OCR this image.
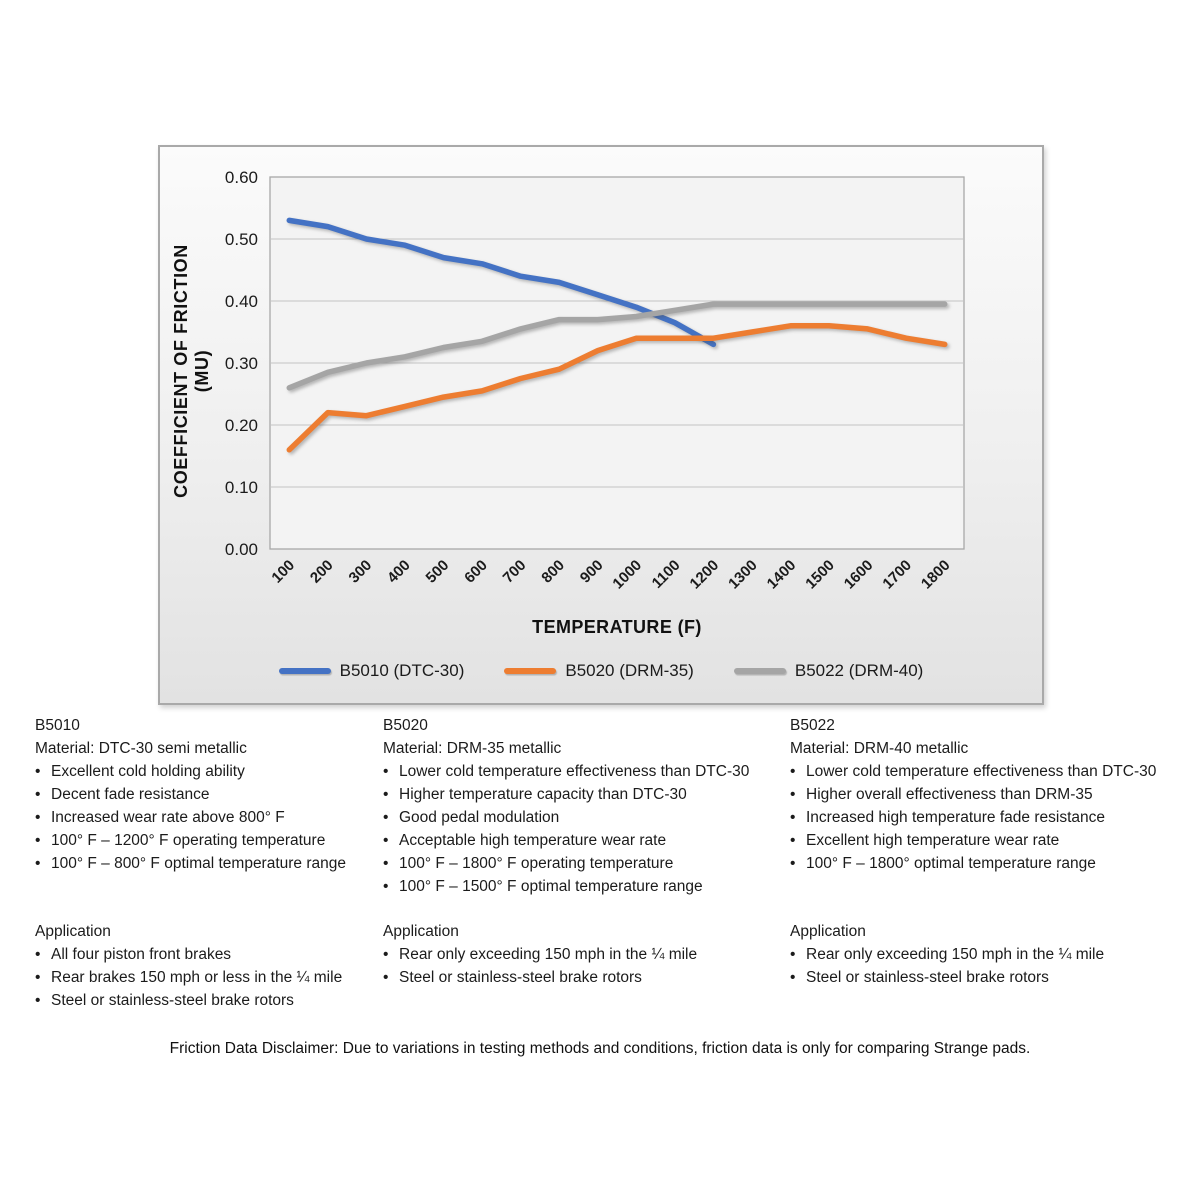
0.00
0.10
0.20
0.30
0.40
0.50
0.60
100 200 300 400 500 600 700 800 900 1000 1100 1200 1300 1400 1500 1600 1700 1800
COEFFICIENT OF FRICTION (MU)
TEMPERATURE (F)
B5010 (DTC-30)	B5020 (DRM-35)	B5022 (DRM-40)
B5010
Material: DTC-30 semi metallic
• Excellent cold holding ability
• Decent fade resistance
• Increased wear rate above 800° F
• 100° F – 1200° F operating temperature
• 100° F – 800° F optimal temperature range
Application
• All four piston front brakes
• Rear brakes 150 mph or less in the ¼ mile
• Steel or stainless-steel brake rotors
B5020
Material: DRM-35 metallic
• Lower cold temperature effectiveness than DTC-30
• Higher temperature capacity than DTC-30
• Good pedal modulation
• Acceptable high temperature wear rate
• 100° F – 1800° F operating temperature
• 100° F – 1500° F optimal temperature range
Application
• Rear only exceeding 150 mph in the ¼ mile
• Steel or stainless-steel brake rotors
B5022
Material: DRM-40 metallic
• Lower cold temperature effectiveness than DTC-30
• Higher overall effectiveness than DRM-35
• Increased high temperature fade resistance
• Excellent high temperature wear rate
• 100° F – 1800° optimal temperature range
Application
• Rear only exceeding 150 mph in the ¼ mile
• Steel or stainless-steel brake rotors
Friction Data Disclaimer: Due to variations in testing methods and conditions, friction data is only for comparing Strange pads.
